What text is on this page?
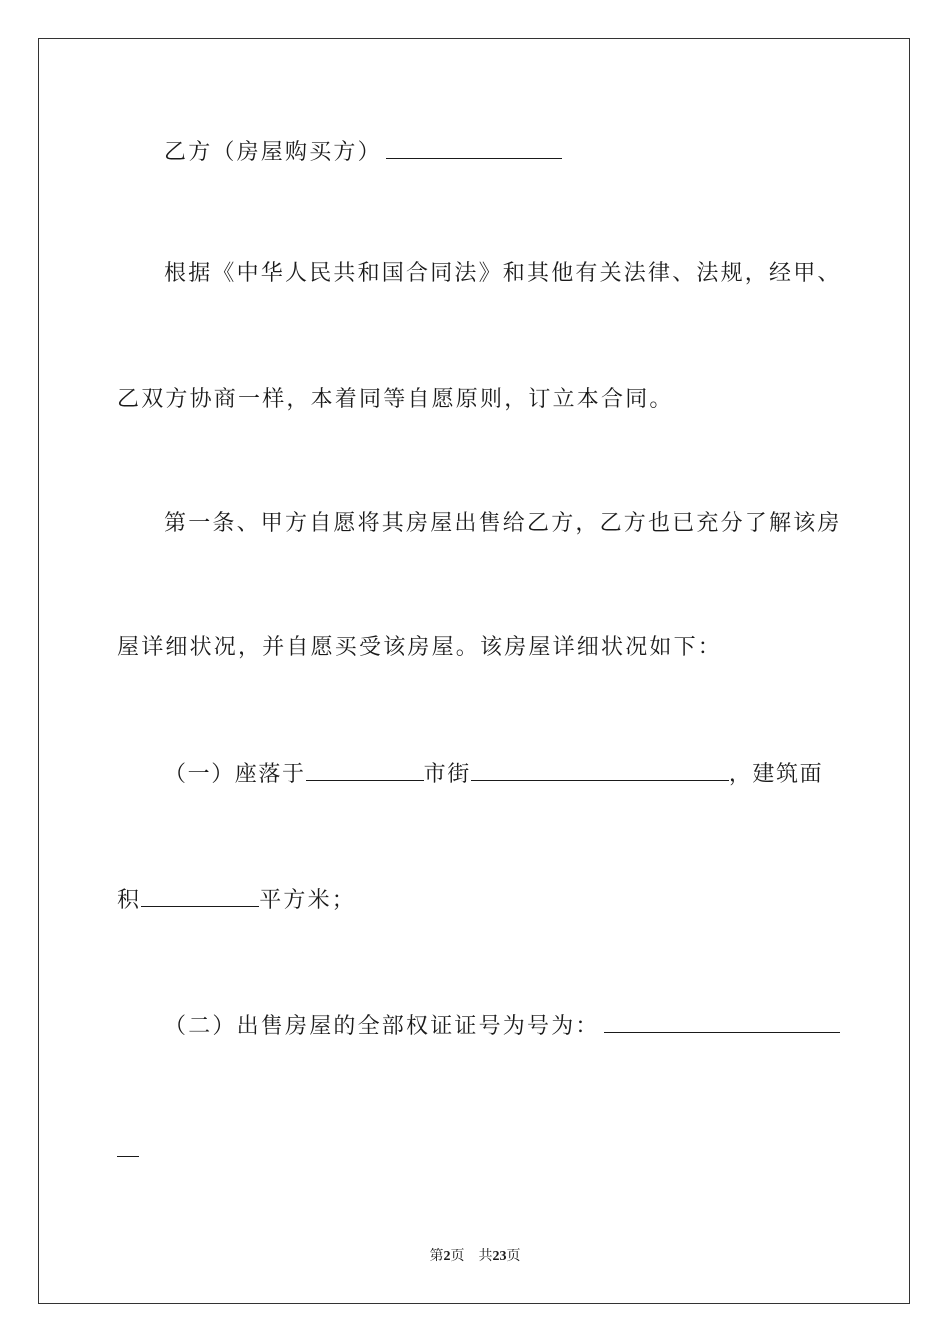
乙方（房屋购买方）
根据《中华人民共和国合同法》和其他有关法律、法规，经甲、
乙双方协商一样，本着同等自愿原则，订立本合同。
第一条、甲方自愿将其房屋出售给乙方，乙方也已充分了解该房
屋详细状况，并自愿买受该房屋。该房屋详细状况如下：
（一）座落于	市街	，建筑面
积	平方米；
（二）出售房屋的全部权证证号为号为：
第2页 共23页
